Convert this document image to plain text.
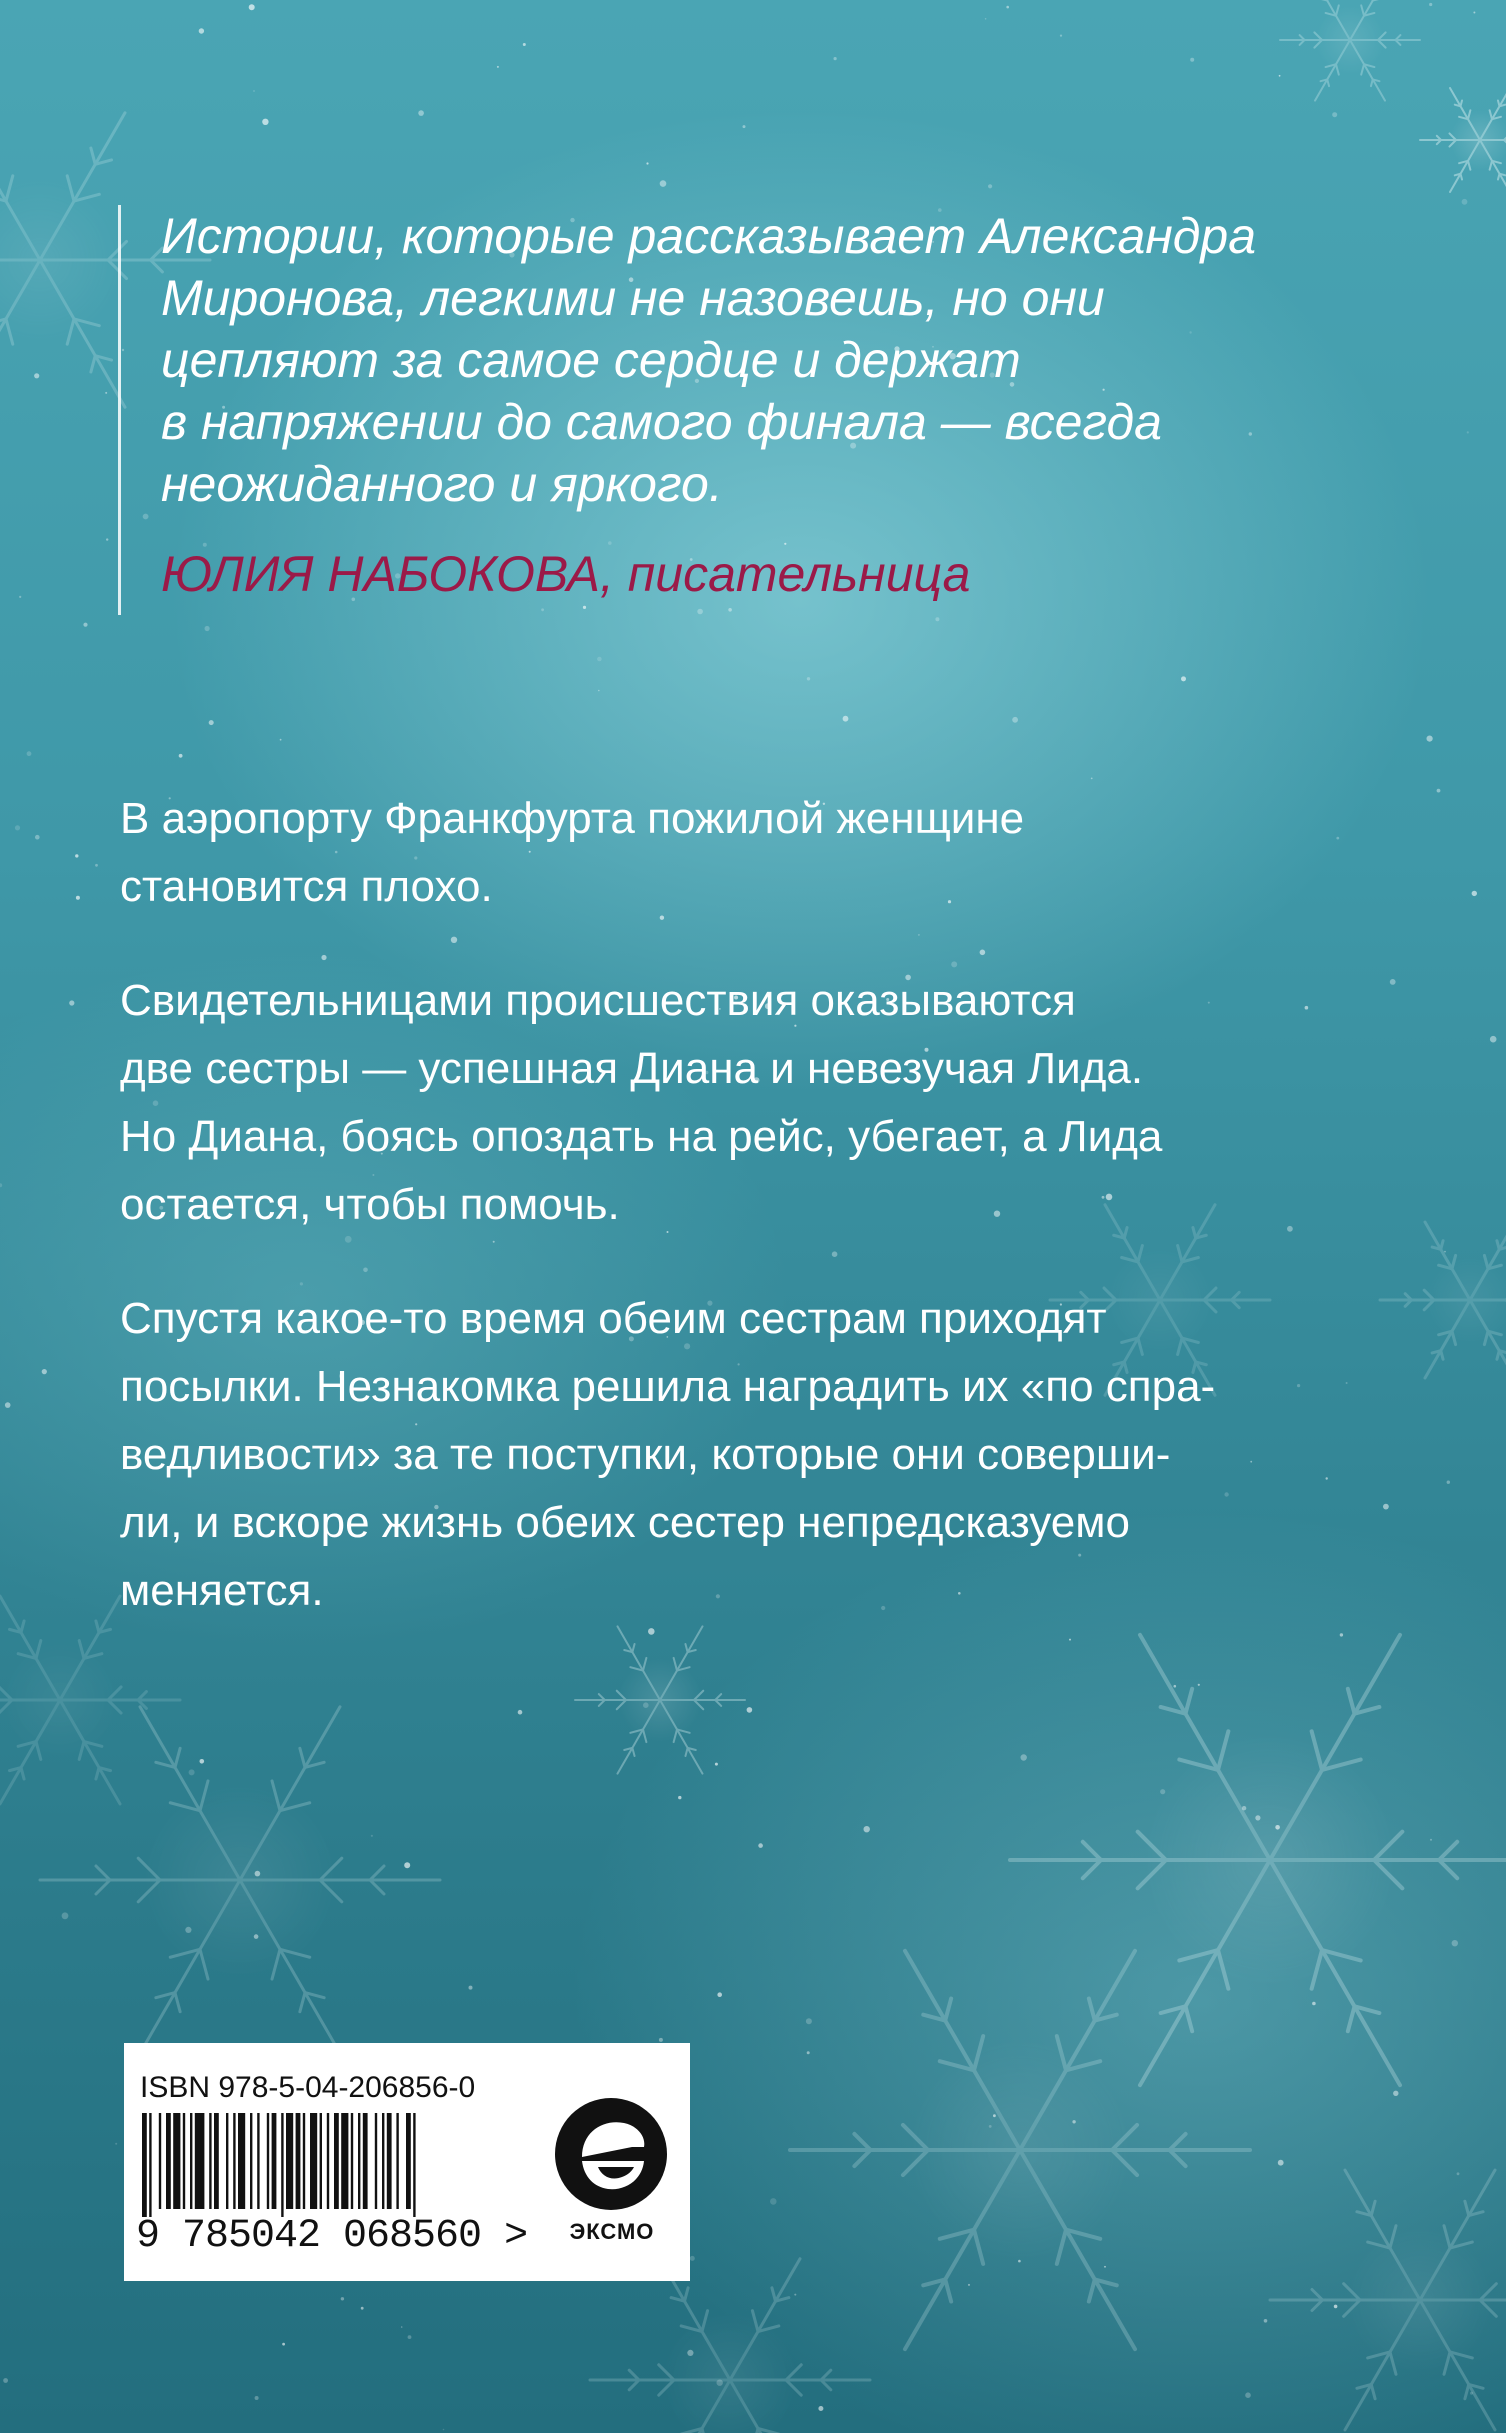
Истории, которые рассказывает Александра
Миронова, легкими не назовешь, но они
цепляют за самое сердце и держат
в напряжении до самого финала — всегда
неожиданного и яркого.
ЮЛИЯ НАБОКОВА, писательница

В аэропорту Франкфурта пожилой женщине
становится плохо.

Свидетельницами происшествия оказываются
две сестры — успешная Диана и невезучая Лида.
Но Диана, боясь опоздать на рейс, убегает, а Лида
остается, чтобы помочь.

Спустя какое-то время обеим сестрам приходят
посылки. Незнакомка решила наградить их «по спра-
ведливости» за те поступки, которые они соверши-
ли, и вскоре жизнь обеих сестер непредсказуемо
меняется.

ISBN 978-5-04-206856-0
9 785042 068560 >	ЭКСМО
